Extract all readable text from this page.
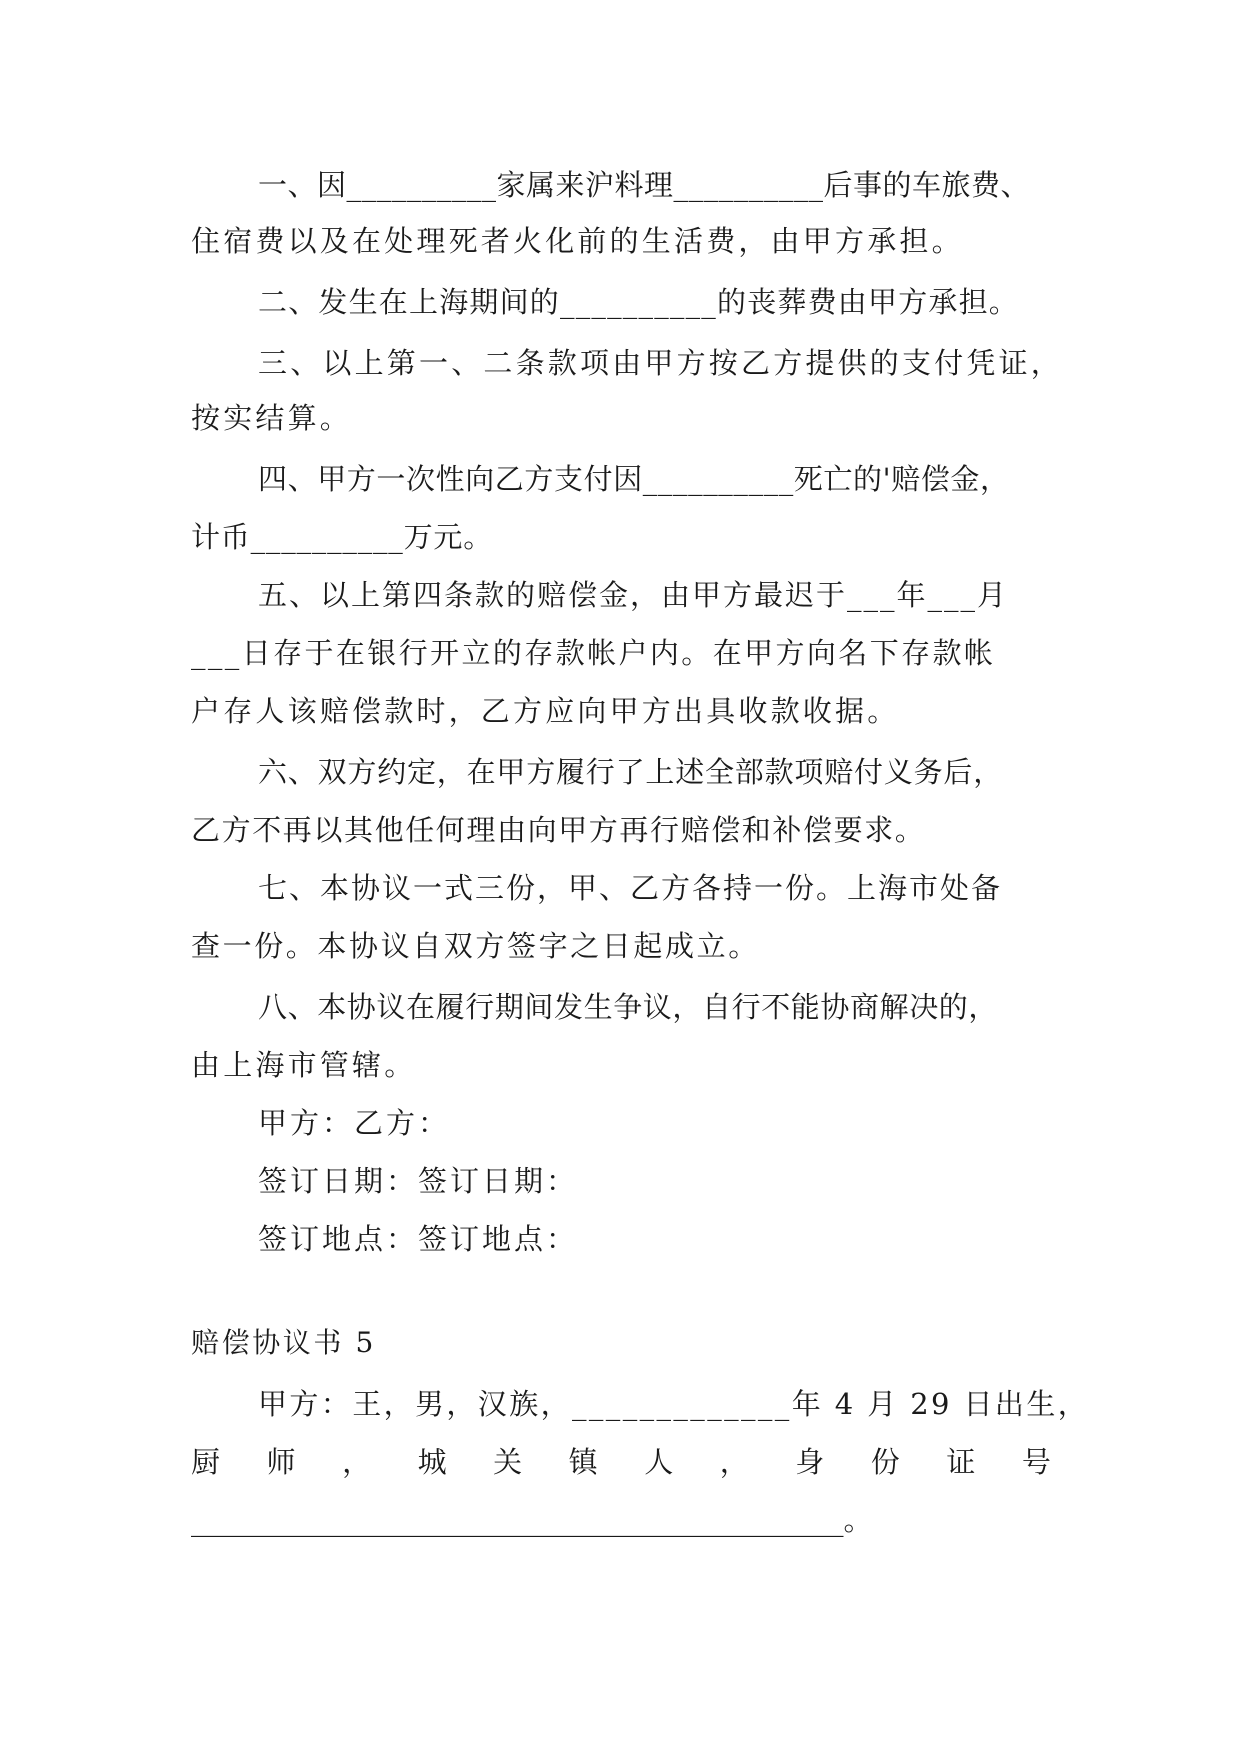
一、因__________家属来沪料理__________后事的车旅费、
住宿费以及在处理死者火化前的生活费，由甲方承担。
二、发生在上海期间的__________的丧葬费由甲方承担。
三、以上第一、二条款项由甲方按乙方提供的支付凭证，
按实结算。
四、甲方一次性向乙方支付因__________死亡的'赔偿金，
计币__________万元。
五、以上第四条款的赔偿金，由甲方最迟于___年___月
___日存于在银行开立的存款帐户内。在甲方向名下存款帐
户存人该赔偿款时，乙方应向甲方出具收款收据。
六、双方约定，在甲方履行了上述全部款项赔付义务后，
乙方不再以其他任何理由向甲方再行赔偿和补偿要求。
七、本协议一式三份，甲、乙方各持一份。上海市处备
查一份。本协议自双方签字之日起成立。
八、本协议在履行期间发生争议，自行不能协商解决的，
由上海市管辖。
甲方：乙方：
签订日期：签订日期：
签订地点：签订地点：
赔偿协议书 5
甲方：王，男，汉族，_____________年 4 月 29 日出生，
厨 师 ， 城 关 镇 人 ， 身 份 证 号
_____________________________________________。
